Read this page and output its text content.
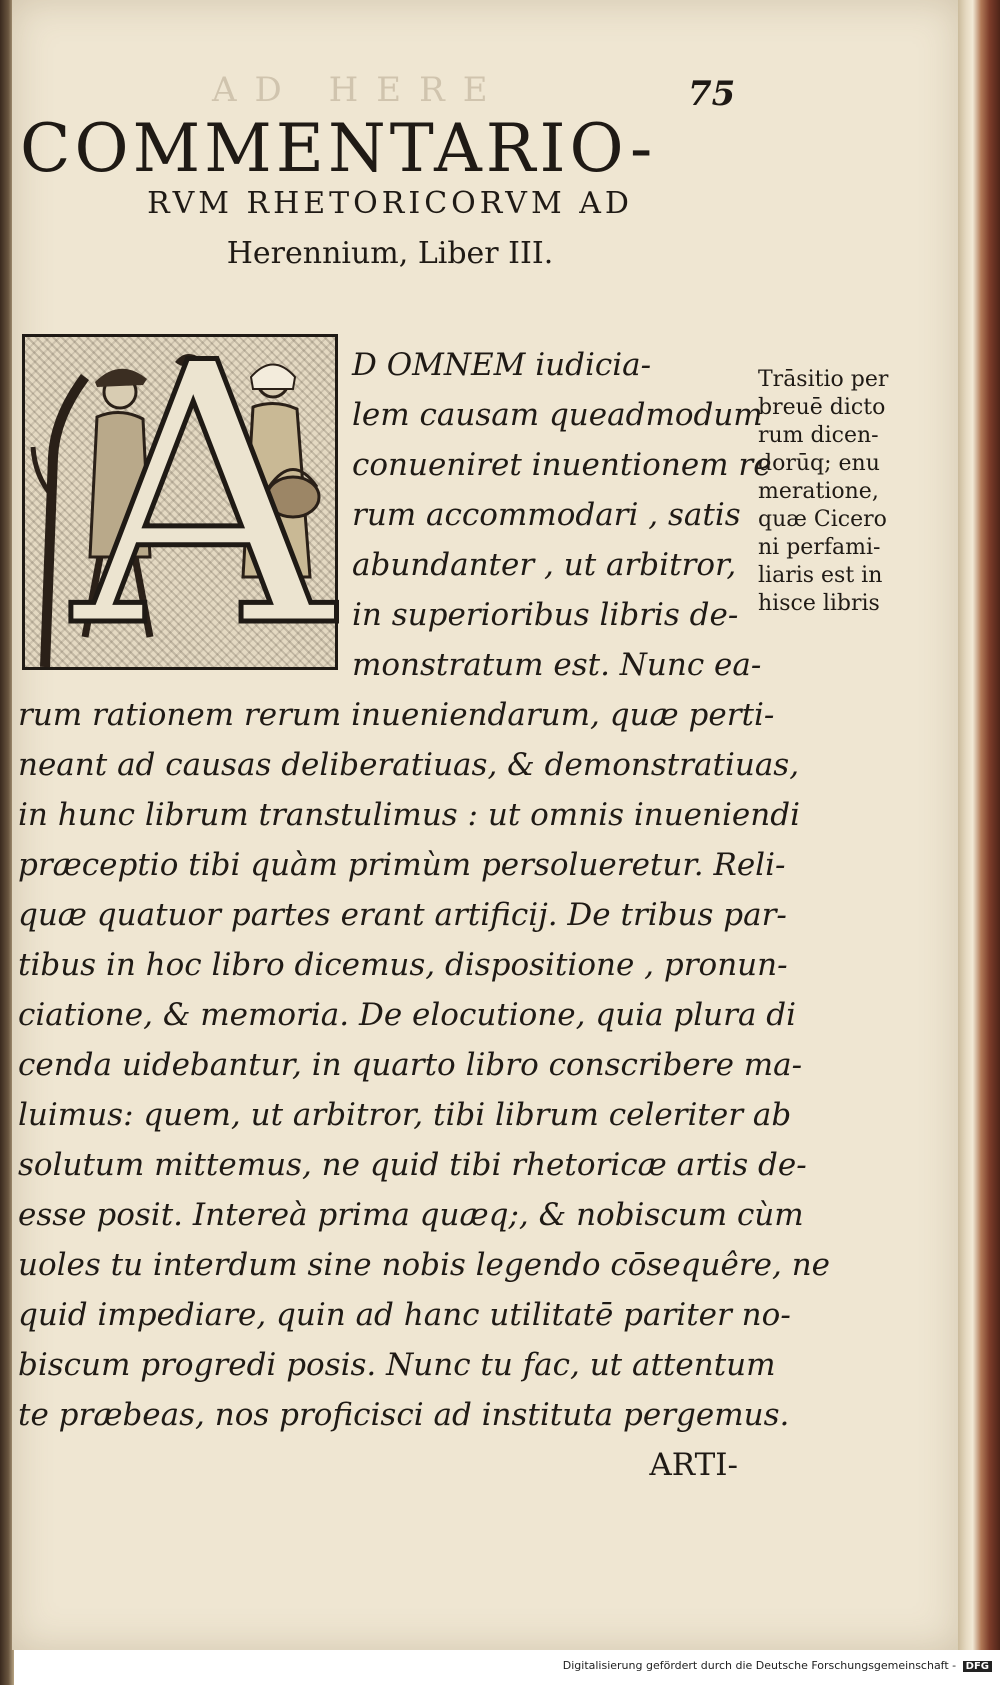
AD HERE	75
COMMENTARIO-
RVM RHETORICORVM AD
Herennium, Liber III.
A D OMNEM iudicia-
lem causam queadmodum
conueniret inuentionem re
rum accommodari , satis
abundanter , ut arbitror,
in superioribus libris de-
monstratum est. Nunc ea-
rum rationem rerum inueniendarum, quæ perti-
neant ad causas deliberatiuas, & demonstratiuas,
in hunc librum transtulimus : ut omnis inueniendi
præceptio tibi quàm primùm persolueretur. Reli-
quæ quatuor partes erant artificij. De tribus par-
tibus in hoc libro dicemus, dispositione , pronun-
ciatione, & memoria. De elocutione, quia plura di
cenda uidebantur, in quarto libro conscribere ma-
luimus: quem, ut arbitror, tibi librum celeriter ab
solutum mittemus, ne quid tibi rhetoricæ artis de-
esse posit. Intereà prima quæq;, & nobiscum cùm
uoles tu interdum sine nobis legendo cōsequêre, ne
quid impediare, quin ad hanc utilitatē pariter no-
biscum progredi posis. Nunc tu fac, ut attentum
te præbeas, nos proficisci ad instituta pergemus.
ARTI-
Trāsitio per
breuē dicto
rum dicen-
dorūq; enu
meratione,
quæ Cicero
ni perfami-
liaris est in
hisce libris
Digitalisierung gefördert durch die Deutsche Forschungsgemeinschaft - DFG
